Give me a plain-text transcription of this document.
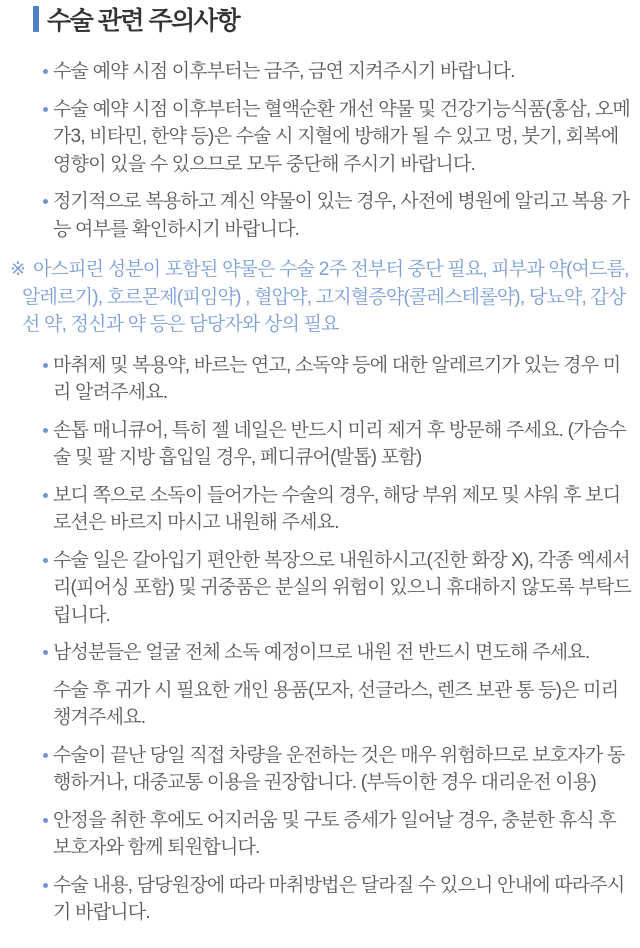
수술 관련 주의사항

수술 예약 시점 이후부터는 금주, 금연 지켜주시기 바랍니다.

수술 예약 시점 이후부터는 혈액순환 개선 약물 및 건강기능식품(홍삼, 오메가3, 비타민, 한약 등)은 수술 시 지혈에 방해가 될 수 있고 멍, 붓기, 회복에 영향이 있을 수 있으므로 모두 중단해 주시기 바랍니다.

정기적으로 복용하고 계신 약물이 있는 경우, 사전에 병원에 알리고 복용 가능 여부를 확인하시기 바랍니다.

※ 아스피린 성분이 포함된 약물은 수술 2주 전부터 중단 필요, 피부과 약(여드름, 알레르기), 호르몬제(피임약) , 혈압약, 고지혈증약(콜레스테롤약), 당뇨약, 갑상선 약, 정신과 약 등은 담당자와 상의 필요

마취제 및 복용약, 바르는 연고, 소독약 등에 대한 알레르기가 있는 경우 미리 알려주세요.

손톱 매니큐어, 특히 젤 네일은 반드시 미리 제거 후 방문해 주세요. (가슴수술 및 팔 지방 흡입일 경우, 페디큐어(발톱) 포함)

보디 쪽으로 소독이 들어가는 수술의 경우, 해당 부위 제모 및 샤워 후 보디로션은 바르지 마시고 내원해 주세요.

수술 일은 갈아입기 편안한 복장으로 내원하시고(진한 화장 X), 각종 엑세서리(피어싱 포함) 및 귀중품은 분실의 위험이 있으니 휴대하지 않도록 부탁드립니다.

남성분들은 얼굴 전체 소독 예정이므로 내원 전 반드시 면도해 주세요.

수술 후 귀가 시 필요한 개인 용품(모자, 선글라스, 렌즈 보관 통 등)은 미리 챙겨주세요.

수술이 끝난 당일 직접 차량을 운전하는 것은 매우 위험하므로 보호자가 동행하거나, 대중교통 이용을 권장합니다. (부득이한 경우 대리운전 이용)

안정을 취한 후에도 어지러움 및 구토 증세가 일어날 경우, 충분한 휴식 후 보호자와 함께 퇴원합니다.

수술 내용, 담당원장에 따라 마취방법은 달라질 수 있으니 안내에 따라주시기 바랍니다.
